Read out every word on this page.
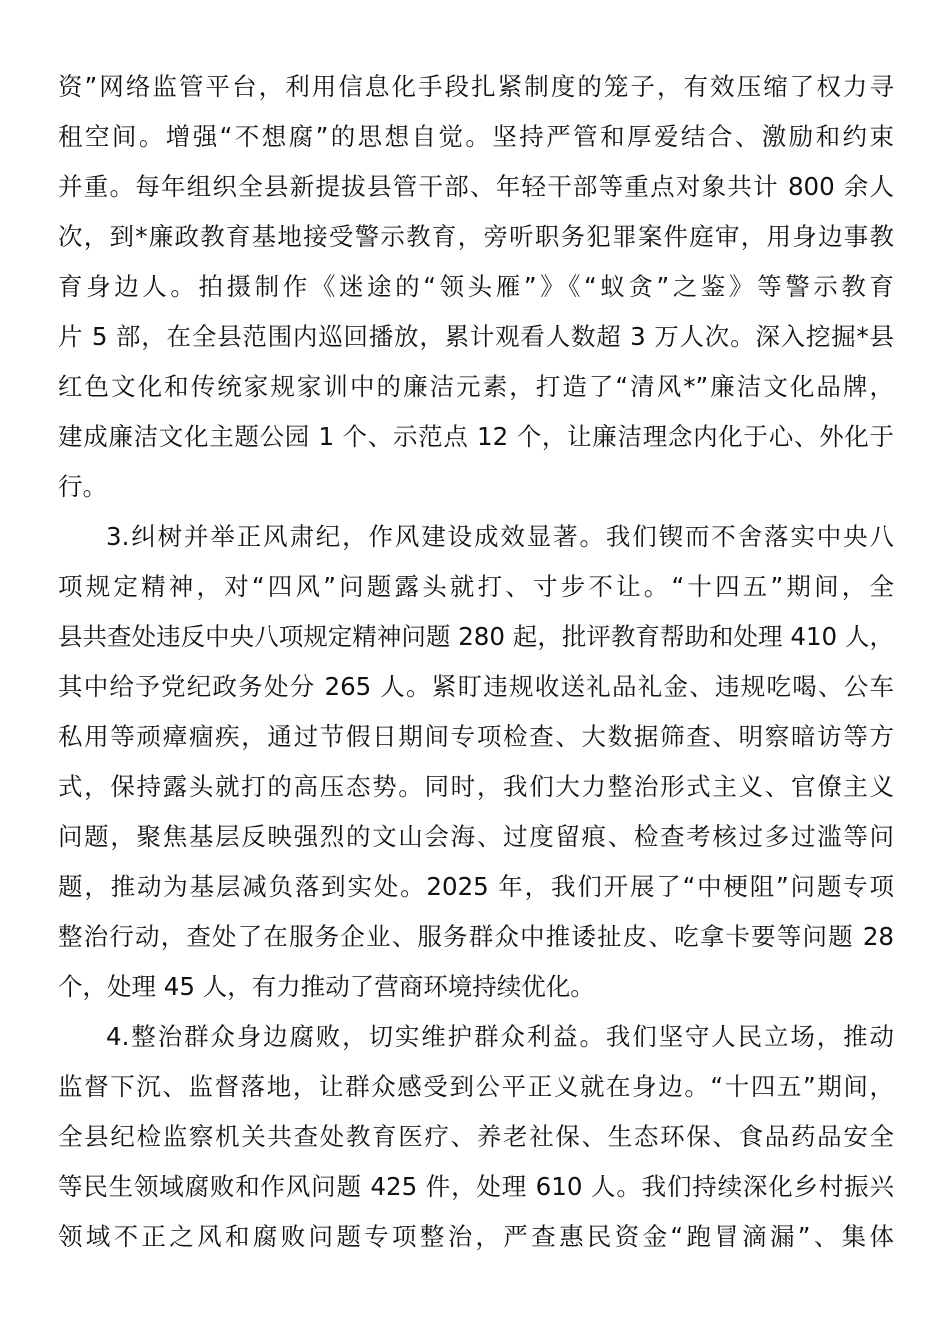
资”网络监管平台，利用信息化手段扎紧制度的笼子，有效压缩了权力寻
租空间。增强“不想腐”的思想自觉。坚持严管和厚爱结合、激励和约束
并重。每年组织全县新提拔县管干部、年轻干部等重点对象共计 800 余人
次，到*廉政教育基地接受警示教育，旁听职务犯罪案件庭审，用身边事教
育身边人。拍摄制作《迷途的“领头雁”》《“蚁贪”之鉴》等警示教育
片 5 部，在全县范围内巡回播放，累计观看人数超 3 万人次。深入挖掘*县
红色文化和传统家规家训中的廉洁元素，打造了“清风*”廉洁文化品牌，
建成廉洁文化主题公园 1 个、示范点 12 个，让廉洁理念内化于心、外化于
行。
3.纠树并举正风肃纪，作风建设成效显著。我们锲而不舍落实中央八
项规定精神，对“四风”问题露头就打、寸步不让。“十四五”期间，全
县共查处违反中央八项规定精神问题 280 起，批评教育帮助和处理 410 人，
其中给予党纪政务处分 265 人。紧盯违规收送礼品礼金、违规吃喝、公车
私用等顽瘴痼疾，通过节假日期间专项检查、大数据筛查、明察暗访等方
式，保持露头就打的高压态势。同时，我们大力整治形式主义、官僚主义
问题，聚焦基层反映强烈的文山会海、过度留痕、检查考核过多过滥等问
题，推动为基层减负落到实处。2025 年，我们开展了“中梗阻”问题专项
整治行动，查处了在服务企业、服务群众中推诿扯皮、吃拿卡要等问题 28
个，处理 45 人，有力推动了营商环境持续优化。
4.整治群众身边腐败，切实维护群众利益。我们坚守人民立场，推动
监督下沉、监督落地，让群众感受到公平正义就在身边。“十四五”期间，
全县纪检监察机关共查处教育医疗、养老社保、生态环保、食品药品安全
等民生领域腐败和作风问题 425 件，处理 610 人。我们持续深化乡村振兴
领域不正之风和腐败问题专项整治，严查惠民资金“跑冒滴漏”、集体
